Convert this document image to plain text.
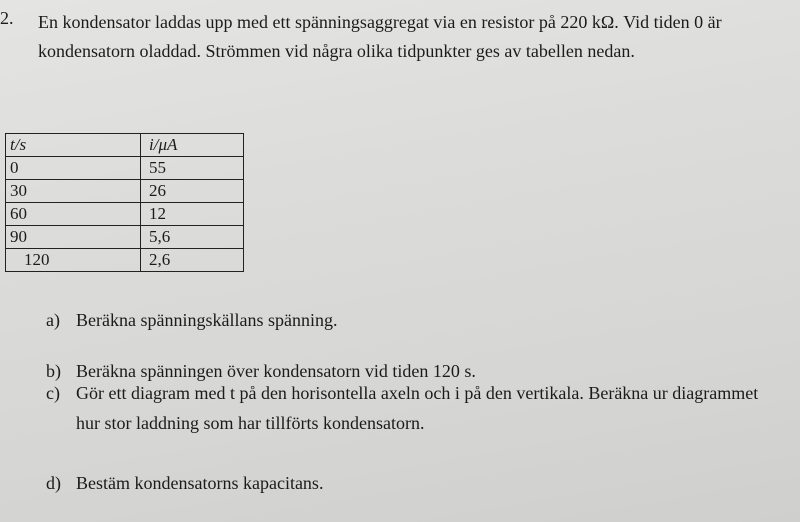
2. En kondensator laddas upp med ett spänningsaggregat via en resistor på 220 kΩ. Vid tiden 0 är kondensatorn oladdad. Strömmen vid några olika tidpunkter ges av tabellen nedan.
t/s	i/μA
0	55
30	26
60	12
90	5,6
120	2,6
a) Beräkna spänningskällans spänning.
b) Beräkna spänningen över kondensatorn vid tiden 120 s.
c) Gör ett diagram med t på den horisontella axeln och i på den vertikala. Beräkna ur diagrammet hur stor laddning som har tillförts kondensatorn.
d) Bestäm kondensatorns kapacitans.
